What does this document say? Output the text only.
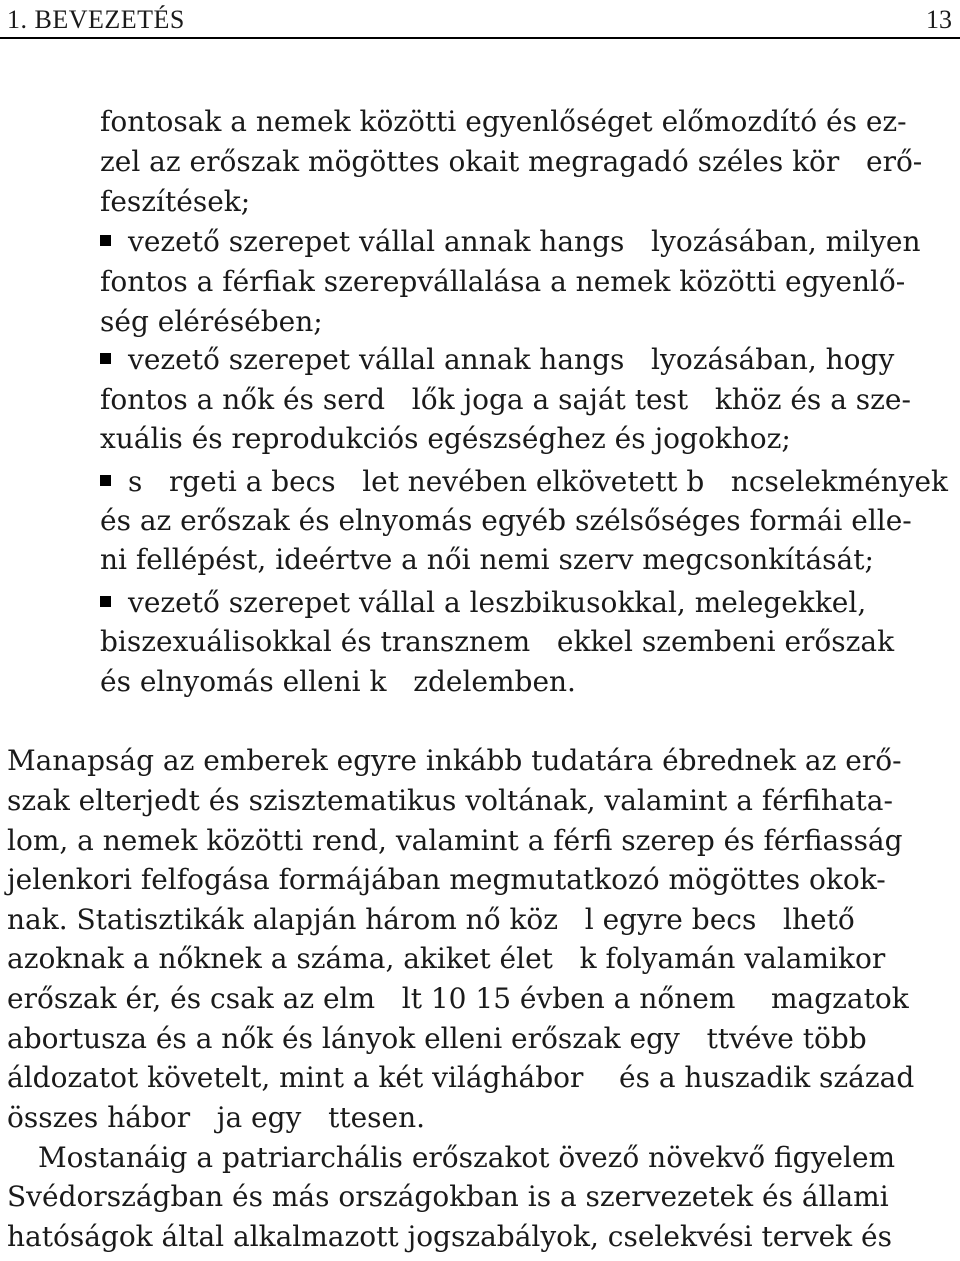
1. BEVEZETÉS	13
fontosak a nemek közötti egyenlőséget előmozdító és ez-
zel az erőszak mögöttes okait megragadó széles kör   erő-
feszítések;
vezető szerepet vállal annak hangs   lyozásában, milyen
fontos a férfiak szerepvállalása a nemek közötti egyenlő-
ség elérésében;
vezető szerepet vállal annak hangs   lyozásában, hogy
fontos a nők és serd   lők joga a saját test   khöz és a sze-
xuális és reprodukciós egészséghez és jogokhoz;
s   rgeti a becs   let nevében elkövetett b   ncselekmények
és az erőszak és elnyomás egyéb szélsőséges formái elle-
ni fellépést, ideértve a női nemi szerv megcsonkítását;
vezető szerepet vállal a leszbikusokkal, melegekkel,
biszexuálisokkal és transznem   ekkel szembeni erőszak
és elnyomás elleni k   zdelemben.
Manapság az emberek egyre inkább tudatára ébrednek az erő-
szak elterjedt és szisztematikus voltának, valamint a férfihata-
lom, a nemek közötti rend, valamint a férfi szerep és férfiasság
jelenkori felfogása formájában megmutatkozó mögöttes okok-
nak. Statisztikák alapján három nő köz   l egyre becs   lhető
azoknak a nőknek a száma, akiket élet   k folyamán valamikor
erőszak ér, és csak az elm   lt 10 15 évben a nőnem    magzatok
abortusza és a nők és lányok elleni erőszak egy   ttvéve több
áldozatot követelt, mint a két világhábor    és a huszadik század
összes hábor   ja egy   ttesen.
Mostanáig a patriarchális erőszakot övező növekvő figyelem
Svédországban és más országokban is a szervezetek és állami
hatóságok által alkalmazott jogszabályok, cselekvési tervek és
